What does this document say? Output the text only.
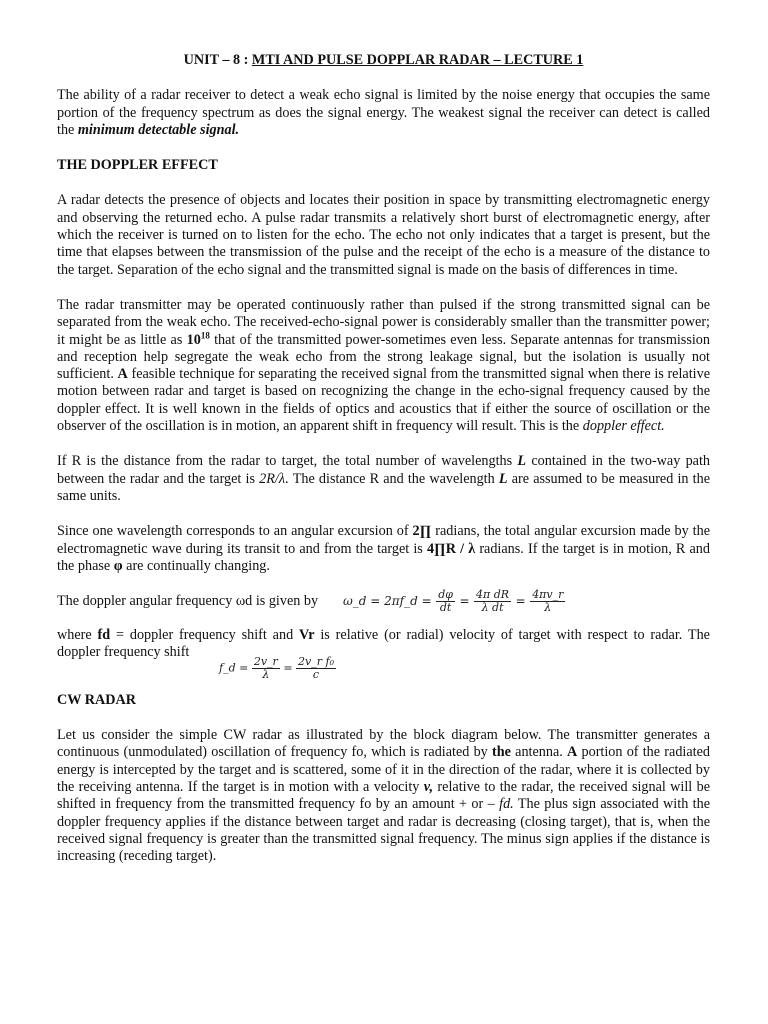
UNIT – 8 : MTI AND PULSE DOPPLAR RADAR – LECTURE 1

The ability of a radar receiver to detect a weak echo signal is limited by the noise energy that occupies the same portion of the frequency spectrum as does the signal energy. The weakest signal the receiver can detect is called the minimum detectable signal.

THE DOPPLER EFFECT

A radar detects the presence of objects and locates their position in space by transmitting electromagnetic energy and observing the returned echo. A pulse radar transmits a relatively short burst of electromagnetic energy, after which the receiver is turned on to listen for the echo. The echo not only indicates that a target is present, but the time that elapses between the transmission of the pulse and the receipt of the echo is a measure of the distance to the target. Separation of the echo signal and the transmitted signal is made on the basis of differences in time.

The radar transmitter may be operated continuously rather than pulsed if the strong transmitted signal can be separated from the weak echo. The received-echo-signal power is considerably smaller than the transmitter power; it might be as little as $10^{18}$ that of the transmitted power-sometimes even less. Separate antennas for transmission and reception help segregate the weak echo from the strong leakage signal, but the isolation is usually not sufficient. A feasible technique for separating the received signal from the transmitted signal when there is relative motion between radar and target is based on recognizing the change in the echo-signal frequency caused by the doppler effect. It is well known in the fields of optics and acoustics that if either the source of oscillation or the observer of the oscillation is in motion, an apparent shift in frequency will result. This is the doppler effect.

If R is the distance from the radar to target, the total number of wavelengths L contained in the two-way path between the radar and the target is 2R/λ. The distance R and the wavelength L are assumed to be measured in the same units.

Since one wavelength corresponds to an angular excursion of 2∏ radians, the total angular excursion made by the electromagnetic wave during its transit to and from the target is 4∏R / λ radians. If the target is in motion, R and the phase φ are continually changing.

The doppler angular frequency ωd is given by ω_d = 2πf_d = $\frac{d\varphi}{dt} = \frac{\text{4π dR}}{\text{λ dt}} = \frac{4\pi v\_r}{\lambda}$

where fd = doppler frequency shift and Vr is relative (or radial) velocity of target with respect to radar. The doppler frequency shift

f_d = $\frac{2v\_r}{\lambda} = \frac{\text{2v\_r f₀}}{c}$
CW RADAR

Let us consider the simple CW radar as illustrated by the block diagram below. The transmitter generates a continuous (unmodulated) oscillation of frequency fo, which is radiated by the antenna. A portion of the radiated energy is intercepted by the target and is scattered, some of it in the direction of the radar, where it is collected by the receiving antenna. If the target is in motion with a velocity v, relative to the radar, the received signal will be shifted in frequency from the transmitted frequency fo by an amount + or – fd. The plus sign associated with the doppler frequency applies if the distance between target and radar is decreasing (closing target), that is, when the received signal frequency is greater than the transmitted signal frequency. The minus sign applies if the distance is increasing (receding target).
